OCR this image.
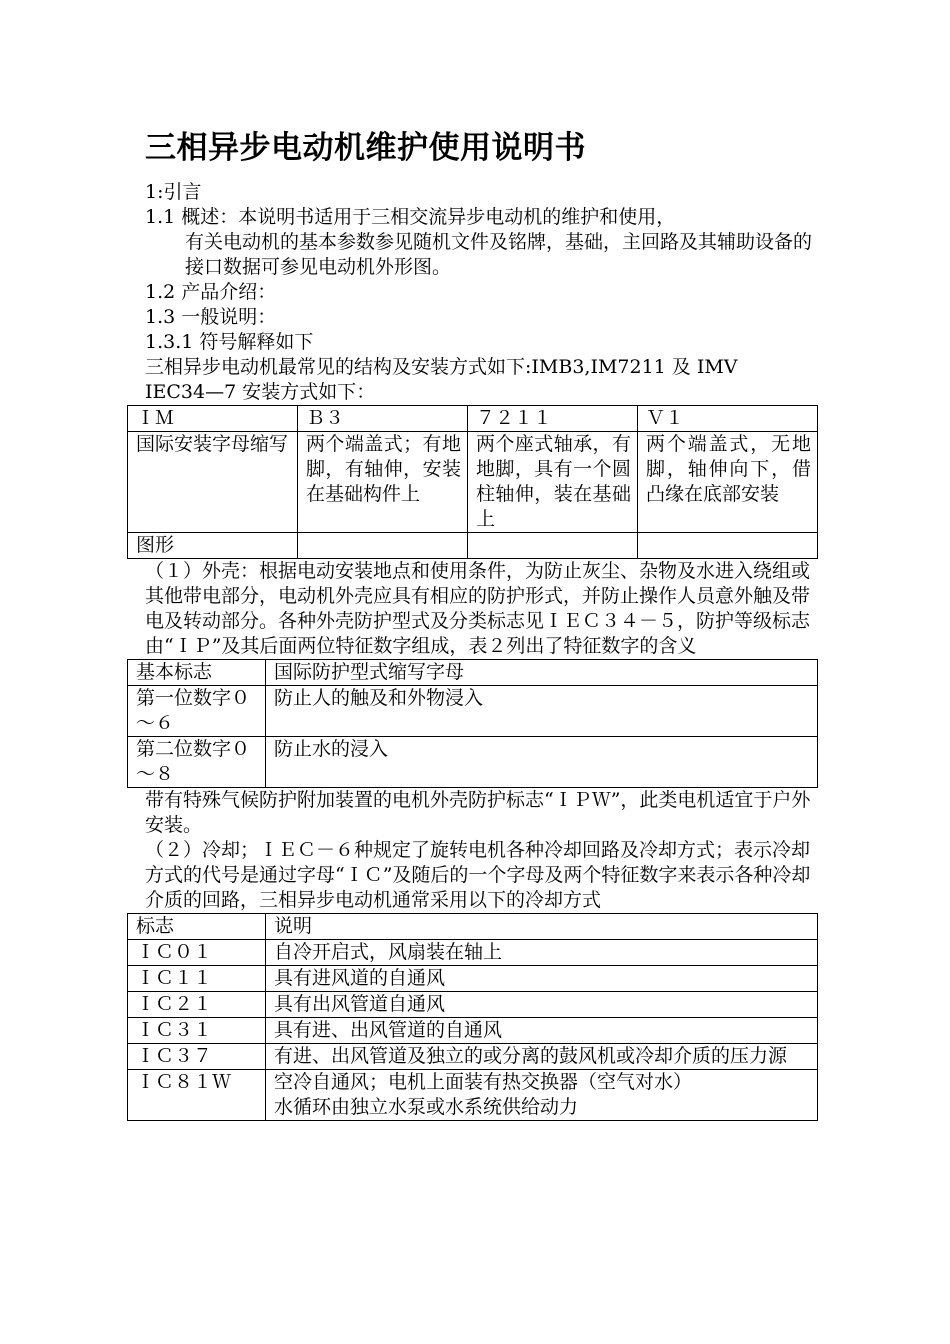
三相异步电动机维护使用说明书

1:引言

1.1 概述：本说明书适用于三相交流异步电动机的维护和使用，

有关电动机的基本参数参见随机文件及铭牌，基础，主回路及其辅助设备的接口数据可参见电动机外形图。

1.2 产品介绍：

1.3 一般说明：

1.3.1 符号解释如下

三相异步电动机最常见的结构及安装方式如下:IMB3,IM7211 及 IMV

IEC34—7 安装方式如下：

ＩＭ	Ｂ３	７２１１	Ｖ１
国际安装字母缩写	两个端盖式；有地脚，有轴伸，安装在基础构件上	两个座式轴承，有地脚，具有一个圆柱轴伸，装在基础上	两个端盖式，无地脚，轴伸向下，借凸缘在底部安装
图形			

（１）外壳：根据电动安装地点和使用条件，为防止灰尘、杂物及水进入绕组或其他带电部分，电动机外壳应具有相应的防护形式，并防止操作人员意外触及带电及转动部分。各种外壳防护型式及分类标志见ＩＥＣ３４－５，防护等级标志由“ＩＰ”及其后面两位特征数字组成，表２列出了特征数字的含义

基本标志	国际防护型式缩写字母
第一位数字０～６	防止人的触及和外物浸入
第二位数字０～８	防止水的浸入

带有特殊气候防护附加装置的电机外壳防护标志“ＩＰＷ”，此类电机适宜于户外安装。

（２）冷却；ＩＥＣ－６种规定了旋转电机各种冷却回路及冷却方式；表示冷却方式的代号是通过字母“ＩＣ”及随后的一个字母及两个特征数字来表示各种冷却介质的回路，三相异步电动机通常采用以下的冷却方式

标志	说明
ＩＣ０１	自冷开启式，风扇装在轴上
ＩＣ１１	具有进风道的自通风
ＩＣ２１	具有出风管道自通风
ＩＣ３１	具有进、出风管道的自通风
ＩＣ３７	有进、出风管道及独立的或分离的鼓风机或冷却介质的压力源
ＩＣ８１Ｗ	空冷自通风；电机上面装有热交换器（空气对水）
水循环由独立水泵或水系统供给动力
